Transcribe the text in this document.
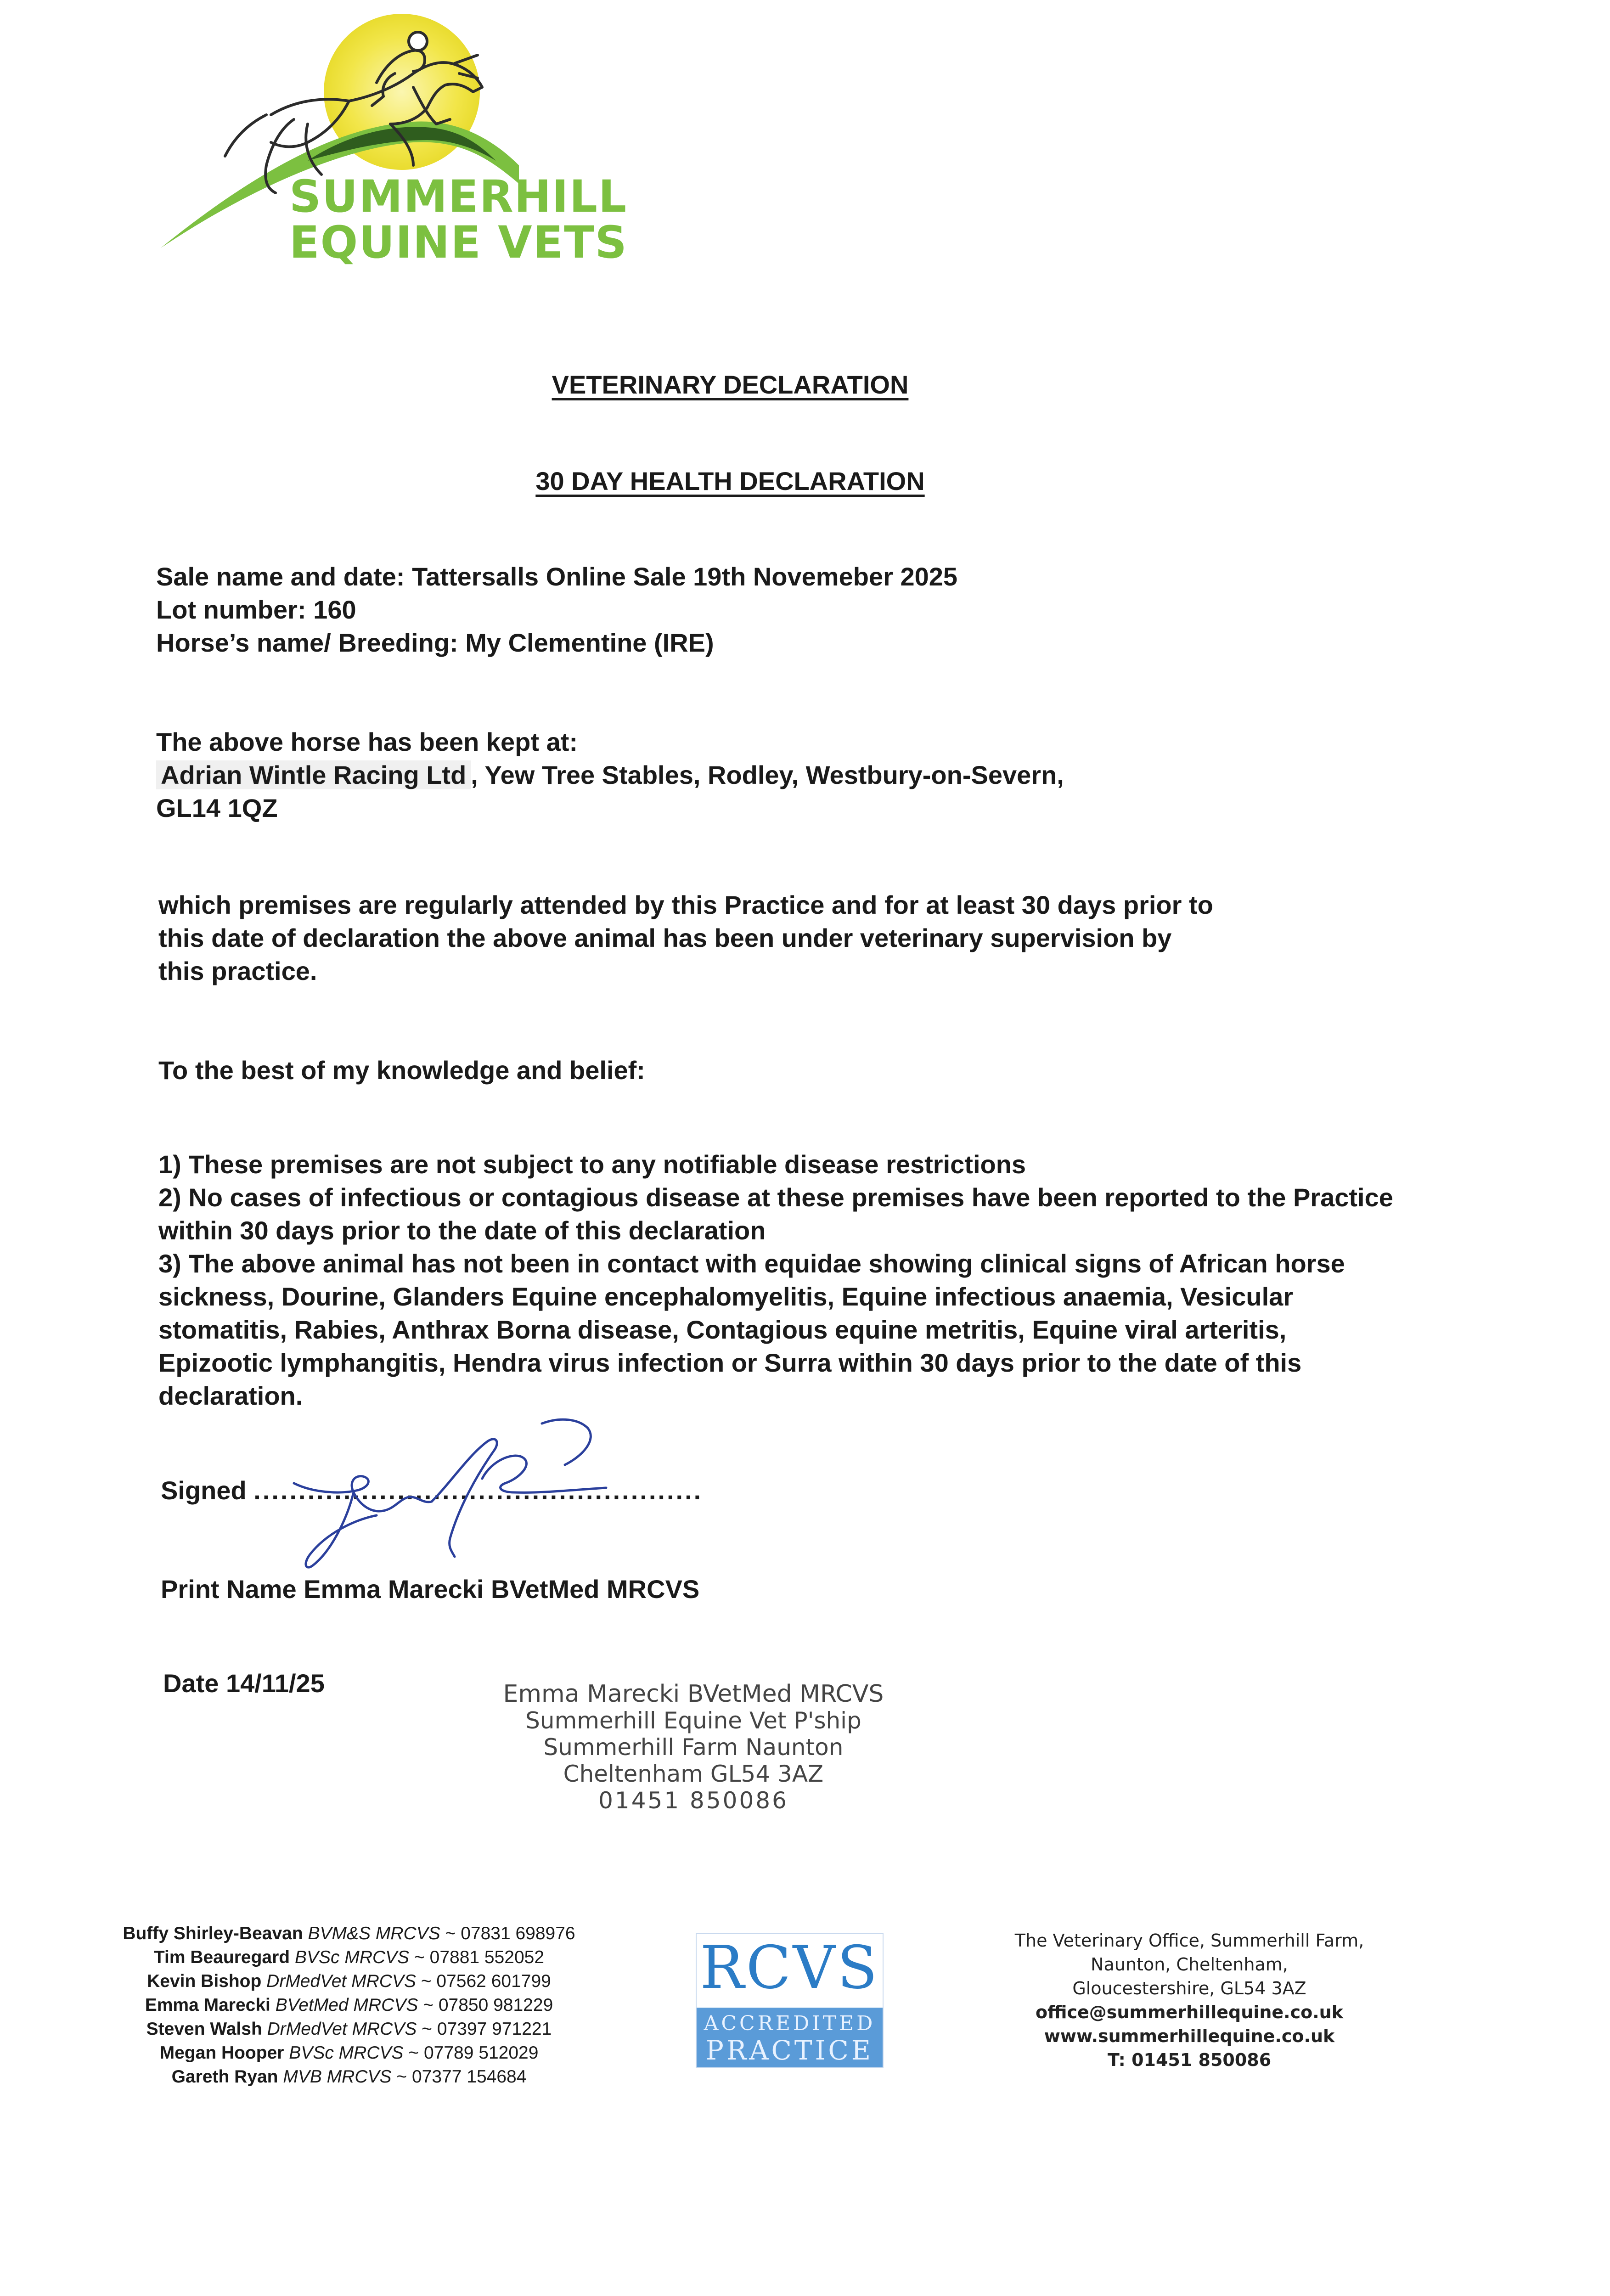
SUMMERHILL
EQUINE VETS
VETERINARY DECLARATION
30 DAY HEALTH DECLARATION
Sale name and date: Tattersalls Online Sale 19th Novemeber 2025
Lot number: 160
Horse’s name/ Breeding: My Clementine (IRE)
The above horse has been kept at:
Adrian Wintle Racing Ltd , Yew Tree Stables, Rodley, Westbury-on-Severn,
GL14 1QZ
which premises are regularly attended by this Practice and for at least 30 days prior to this date of declaration the above animal has been under veterinary supervision by this practice.
To the best of my knowledge and belief:
1) These premises are not subject to any notifiable disease restrictions
2) No cases of infectious or contagious disease at these premises have been reported to the Practice within 30 days prior to the date of this declaration
3) The above animal has not been in contact with equidae showing clinical signs of African horse sickness, Dourine, Glanders Equine encephalomyelitis, Equine infectious anaemia, Vesicular stomatitis, Rabies, Anthrax Borna disease, Contagious equine metritis, Equine viral arteritis, Epizootic lymphangitis, Hendra virus infection or Surra within 30 days prior to the date of this declaration.
Signed ..................................................
Print Name Emma Marecki BVetMed MRCVS
Date 14/11/25	Emma Marecki BVetMed MRCVS
Summerhill Equine Vet P'ship
Summerhill Farm Naunton
Cheltenham GL54 3AZ
01451 850086
Buffy Shirley-Beavan BVM&S MRCVS ~ 07831 698976
Tim Beauregard BVSc MRCVS ~ 07881 552052
Kevin Bishop DrMedVet MRCVS ~ 07562 601799
Emma Marecki BVetMed MRCVS ~ 07850 981229
Steven Walsh DrMedVet MRCVS ~ 07397 971221
Megan Hooper BVSc MRCVS ~ 07789 512029
Gareth Ryan MVB MRCVS ~ 07377 154684
RCVS
ACCREDITED
PRACTICE
The Veterinary Office, Summerhill Farm,
Naunton, Cheltenham,
Gloucestershire, GL54 3AZ
office@summerhillequine.co.uk
www.summerhillequine.co.uk
T: 01451 850086
